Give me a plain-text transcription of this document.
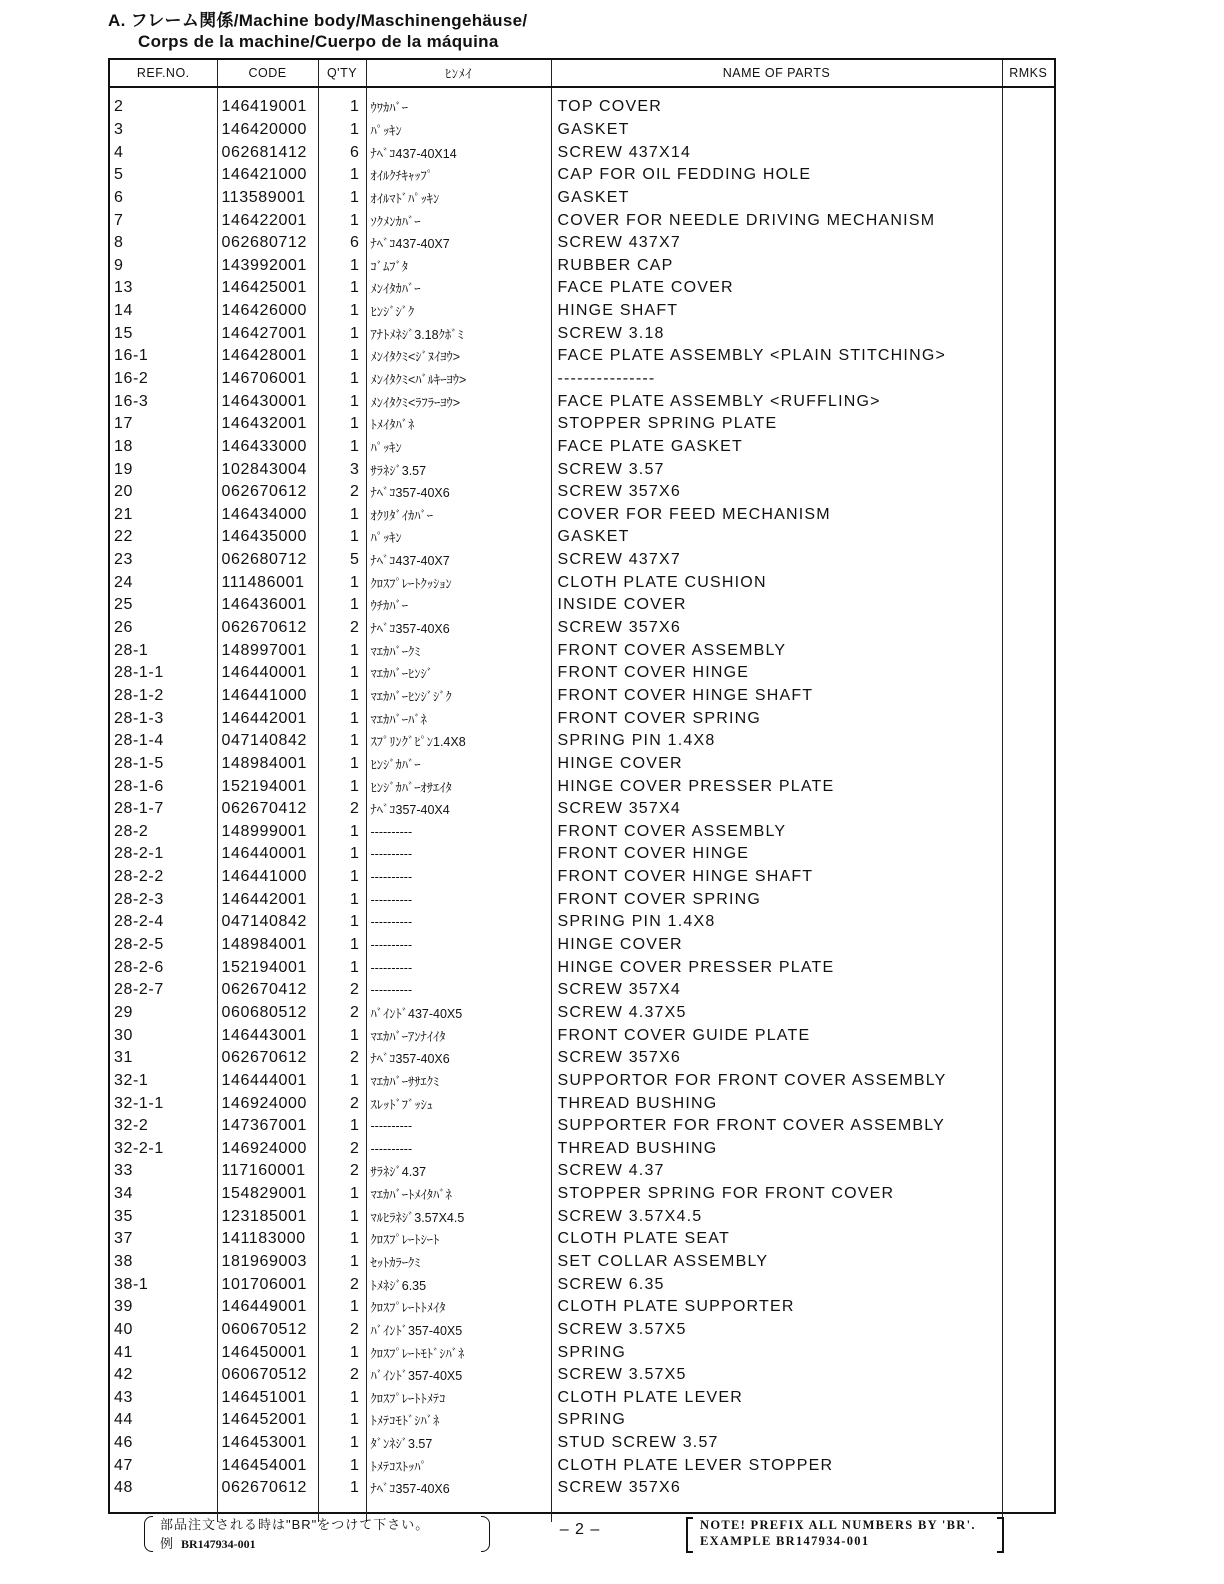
A. フレーム関係/Machine body/Maschinengehäuse/
Corps de la machine/Cuerpo de la máquina
REF.NO.	CODE	Q'TY	ﾋﾝﾒｲ	NAME OF PARTS	RMKS
2	146419001	1	ｳﾜｶﾊﾞｰ	TOP COVER	
3	146420000	1	ﾊﾟｯｷﾝ	GASKET	
4	062681412	6	ﾅﾍﾞｺ437-40X14	SCREW 437X14	
5	146421000	1	ｵｲﾙｸﾁｷｬｯﾌﾟ	CAP FOR OIL FEDDING HOLE	
6	113589001	1	ｵｲﾙﾏﾄﾞﾊﾟｯｷﾝ	GASKET	
7	146422001	1	ｿｸﾒﾝｶﾊﾞｰ	COVER FOR NEEDLE DRIVING MECHANISM	
8	062680712	6	ﾅﾍﾞｺ437-40X7	SCREW 437X7	
9	143992001	1	ｺﾞﾑﾌﾞﾀ	RUBBER CAP	
13	146425001	1	ﾒﾝｲﾀｶﾊﾞｰ	FACE PLATE COVER	
14	146426000	1	ﾋﾝｼﾞｼﾞｸ	HINGE SHAFT	
15	146427001	1	ｱﾅﾄﾒﾈｼﾞ3.18ｸﾎﾞﾐ	SCREW 3.18	
16-1	146428001	1	ﾒﾝｲﾀｸﾐ<ｼﾞﾇｲﾖｳ>	FACE PLATE ASSEMBLY <PLAIN STITCHING>	
16-2	146706001	1	ﾒﾝｲﾀｸﾐ<ﾊﾞﾙｷｰﾖｳ>	---------------	
16-3	146430001	1	ﾒﾝｲﾀｸﾐ<ﾗﾌﾗｰﾖｳ>	FACE PLATE ASSEMBLY <RUFFLING>	
17	146432001	1	ﾄﾒｲﾀﾊﾞﾈ	STOPPER SPRING PLATE	
18	146433000	1	ﾊﾟｯｷﾝ	FACE PLATE GASKET	
19	102843004	3	ｻﾗﾈｼﾞ3.57	SCREW 3.57	
20	062670612	2	ﾅﾍﾞｺ357-40X6	SCREW 357X6	
21	146434000	1	ｵｸﾘﾀﾞｲｶﾊﾞｰ	COVER FOR FEED MECHANISM	
22	146435000	1	ﾊﾟｯｷﾝ	GASKET	
23	062680712	5	ﾅﾍﾞｺ437-40X7	SCREW 437X7	
24	111486001	1	ｸﾛｽﾌﾟﾚｰﾄｸｯｼｮﾝ	CLOTH PLATE CUSHION	
25	146436001	1	ｳﾁｶﾊﾞｰ	INSIDE COVER	
26	062670612	2	ﾅﾍﾞｺ357-40X6	SCREW 357X6	
28-1	148997001	1	ﾏｴｶﾊﾞｰｸﾐ	FRONT COVER ASSEMBLY	
28-1-1	146440001	1	ﾏｴｶﾊﾞｰﾋﾝｼﾞ	FRONT COVER HINGE	
28-1-2	146441000	1	ﾏｴｶﾊﾞｰﾋﾝｼﾞｼﾞｸ	FRONT COVER HINGE SHAFT	
28-1-3	146442001	1	ﾏｴｶﾊﾞｰﾊﾞﾈ	FRONT COVER SPRING	
28-1-4	047140842	1	ｽﾌﾟﾘﾝｸﾞﾋﾟﾝ1.4X8	SPRING PIN 1.4X8	
28-1-5	148984001	1	ﾋﾝｼﾞｶﾊﾞｰ	HINGE COVER	
28-1-6	152194001	1	ﾋﾝｼﾞｶﾊﾞｰｵｻｴｲﾀ	HINGE COVER PRESSER PLATE	
28-1-7	062670412	2	ﾅﾍﾞｺ357-40X4	SCREW 357X4	
28-2	148999001	1	----------	FRONT COVER ASSEMBLY	
28-2-1	146440001	1	----------	FRONT COVER HINGE	
28-2-2	146441000	1	----------	FRONT COVER HINGE SHAFT	
28-2-3	146442001	1	----------	FRONT COVER SPRING	
28-2-4	047140842	1	----------	SPRING PIN 1.4X8	
28-2-5	148984001	1	----------	HINGE COVER	
28-2-6	152194001	1	----------	HINGE COVER PRESSER PLATE	
28-2-7	062670412	2	----------	SCREW 357X4	
29	060680512	2	ﾊﾞｲﾝﾄﾞ437-40X5	SCREW 4.37X5	
30	146443001	1	ﾏｴｶﾊﾞｰｱﾝﾅｲｲﾀ	FRONT COVER GUIDE PLATE	
31	062670612	2	ﾅﾍﾞｺ357-40X6	SCREW 357X6	
32-1	146444001	1	ﾏｴｶﾊﾞｰｻｻｴｸﾐ	SUPPORTOR FOR FRONT COVER ASSEMBLY	
32-1-1	146924000	2	ｽﾚｯﾄﾞﾌﾞｯｼｭ	THREAD BUSHING	
32-2	147367001	1	----------	SUPPORTER FOR FRONT COVER ASSEMBLY	
32-2-1	146924000	2	----------	THREAD BUSHING	
33	117160001	2	ｻﾗﾈｼﾞ4.37	SCREW 4.37	
34	154829001	1	ﾏｴｶﾊﾞｰﾄﾒｲﾀﾊﾞﾈ	STOPPER SPRING FOR FRONT COVER	
35	123185001	1	ﾏﾙﾋﾗﾈｼﾞ3.57X4.5	SCREW 3.57X4.5	
37	141183000	1	ｸﾛｽﾌﾟﾚｰﾄｼｰﾄ	CLOTH PLATE SEAT	
38	181969003	1	ｾｯﾄｶﾗｰｸﾐ	SET COLLAR ASSEMBLY	
38-1	101706001	2	ﾄﾒﾈｼﾞ6.35	SCREW 6.35	
39	146449001	1	ｸﾛｽﾌﾟﾚｰﾄﾄﾒｲﾀ	CLOTH PLATE SUPPORTER	
40	060670512	2	ﾊﾞｲﾝﾄﾞ357-40X5	SCREW 3.57X5	
41	146450001	1	ｸﾛｽﾌﾟﾚｰﾄﾓﾄﾞｼﾊﾞﾈ	SPRING	
42	060670512	2	ﾊﾞｲﾝﾄﾞ357-40X5	SCREW 3.57X5	
43	146451001	1	ｸﾛｽﾌﾟﾚｰﾄﾄﾒﾃｺ	CLOTH PLATE LEVER	
44	146452001	1	ﾄﾒﾃｺﾓﾄﾞｼﾊﾞﾈ	SPRING	
46	146453001	1	ﾀﾞﾝﾈｼﾞ3.57	STUD SCREW 3.57	
47	146454001	1	ﾄﾒﾃｺｽﾄｯﾊﾟ	CLOTH PLATE LEVER STOPPER	
48	062670612	1	ﾅﾍﾞｺ357-40X6	SCREW 357X6	

部品注文される時は"BR"をつけて下さい。
例 BR147934-001
– 2 –	NOTE! PREFIX ALL NUMBERS BY 'BR'.
EXAMPLE BR147934-001
